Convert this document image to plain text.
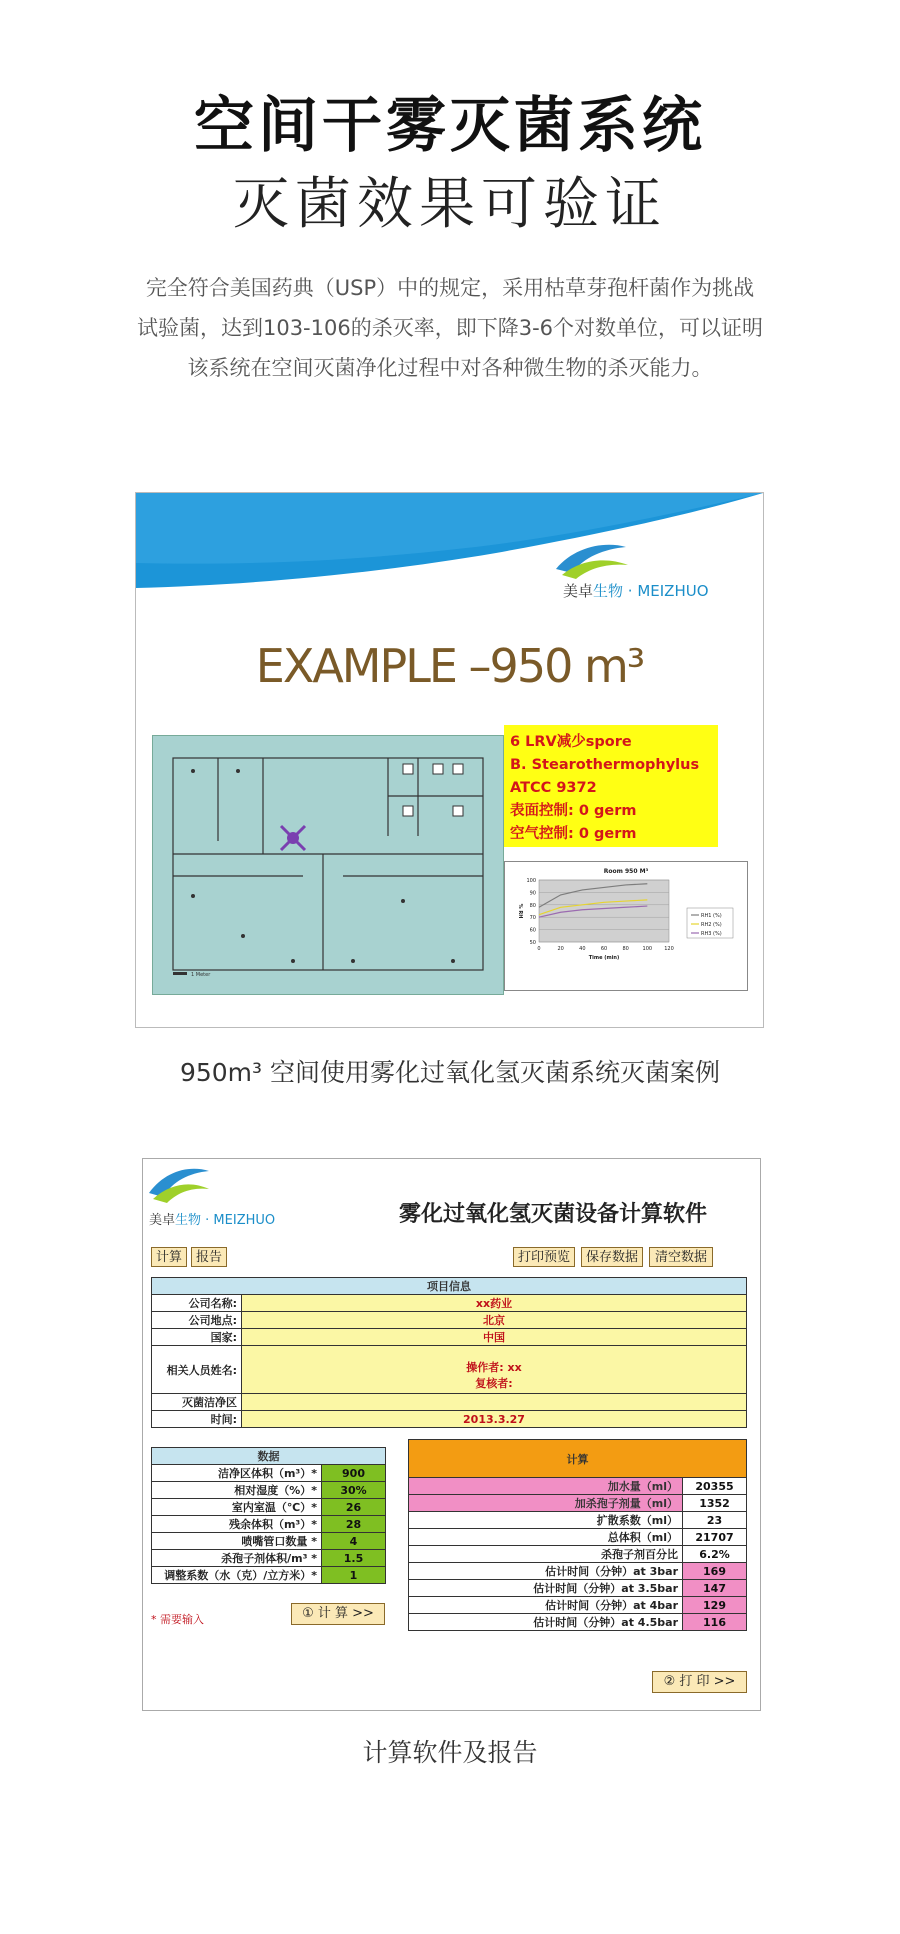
空间干雾灭菌系统
灭菌效果可验证
完全符合美国药典（USP）中的规定，采用枯草芽孢杆菌作为挑战
试验菌，达到103-106的杀灭率，即下降3-6个对数单位，可以证明
该系统在空间灭菌净化过程中对各种微生物的杀灭能力。
美卓生物 · MEIZHUO
EXAMPLE –950 m³
1 Meter
6 LRV减少spore
B. Stearothermophylus
ATCC 9372
表面控制: 0 germ
空气控制: 0 germ
Room 950 M³
50
60
70
80
90
100
0	20	40	60	80	100 120
Time (min)
% RH	RH1 (%)
RH2 (%)
RH3 (%)
950m³ 空间使用雾化过氧化氢灭菌系统灭菌案例
美卓生物 · MEIZHUO	雾化过氧化氢灭菌设备计算软件
计算	报告	打印预览	保存数据	清空数据
项目信息	
公司名称:	xx药业
公司地点:	北京
国家:	中国
相关人员姓名:	操作者: xx
复核者:

灭菌洁净区	
时间:	2013.3.27
数据	
洁净区体积（m³）*	900
相对湿度（%）*	30%
室内室温（℃）*	26
残余体积（m³）*	28
喷嘴管口数量 *	4
杀孢子剂体积/m³ *	1.5
调整系数（水（克）/立方米）*	1
* 需要输入	① 计 算 >>
计算	
加水量（ml）	20355
加杀孢子剂量（ml）	1352
扩散系数（ml）	23
总体积（ml）	21707
杀孢子剂百分比	6.2%
估计时间（分钟）at 3bar	169
估计时间（分钟）at 3.5bar	147
估计时间（分钟）at 4bar	129
估计时间（分钟）at 4.5bar	116
② 打 印 >>
计算软件及报告
